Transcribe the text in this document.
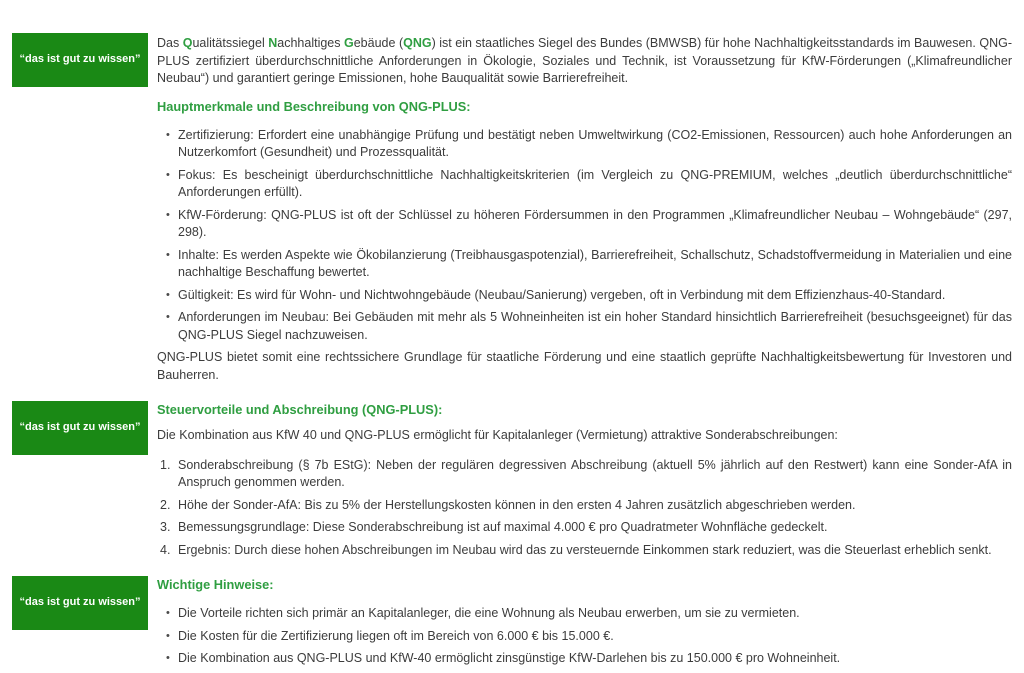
“das ist gut zu wissen”

Das Qualitätssiegel Nachhaltiges Gebäude (QNG) ist ein staatliches Siegel des Bundes (BMWSB) für hohe Nachhaltigkeitsstandards im Bauwesen. QNG-PLUS zertifiziert überdurchschnittliche Anforderungen in Ökologie, Soziales und Technik, ist Voraussetzung für KfW-Förderungen („Klimafreundlicher Neubau“) und garantiert geringe Emissionen, hohe Bauqualität sowie Barrierefreiheit.

Hauptmerkmale und Beschreibung von QNG-PLUS:
• Zertifizierung: Erfordert eine unabhängige Prüfung und bestätigt neben Umweltwirkung (CO2-Emissionen, Ressourcen) auch hohe Anforderungen an Nutzerkomfort (Gesundheit) und Prozessqualität.
• Fokus: Es bescheinigt überdurchschnittliche Nachhaltigkeitskriterien (im Vergleich zu QNG-PREMIUM, welches „deutlich überdurchschnittliche“ Anforderungen erfüllt).
• KfW-Förderung: QNG-PLUS ist oft der Schlüssel zu höheren Fördersummen in den Programmen „Klimafreundlicher Neubau – Wohngebäude“ (297, 298).
• Inhalte: Es werden Aspekte wie Ökobilanzierung (Treibhausgaspotenzial), Barrierefreiheit, Schallschutz, Schadstoffvermeidung in Materialien und eine nachhaltige Beschaffung bewertet.
• Gültigkeit: Es wird für Wohn- und Nichtwohngebäude (Neubau/Sanierung) vergeben, oft in Verbindung mit dem Effizienzhaus-40-Standard.
• Anforderungen im Neubau: Bei Gebäuden mit mehr als 5 Wohneinheiten ist ein hoher Standard hinsichtlich Barrierefreiheit (besuchsgeeignet) für das QNG-PLUS Siegel nachzuweisen.

QNG-PLUS bietet somit eine rechtssichere Grundlage für staatliche Förderung und eine staatlich geprüfte Nachhaltigkeitsbewertung für Investoren und Bauherren.

“das ist gut zu wissen”
Steuervorteile und Abschreibung (QNG-PLUS):

Die Kombination aus KfW 40 und QNG-PLUS ermöglicht für Kapitalanleger (Vermietung) attraktive Sonderabschreibungen:

Sonderabschreibung (§ 7b EStG): Neben der regulären degressiven Abschreibung (aktuell 5% jährlich auf den Restwert) kann eine Sonder-AfA in Anspruch genommen werden.
Höhe der Sonder-AfA: Bis zu 5% der Herstellungskosten können in den ersten 4 Jahren zusätzlich abgeschrieben werden.
Bemessungsgrundlage: Diese Sonderabschreibung ist auf maximal 4.000 € pro Quadratmeter Wohnfläche gedeckelt.
Ergebnis: Durch diese hohen Abschreibungen im Neubau wird das zu versteuernde Einkommen stark reduziert, was die Steuerlast erheblich senkt.
“das ist gut zu wissen”
Wichtige Hinweise:
• Die Vorteile richten sich primär an Kapitalanleger, die eine Wohnung als Neubau erwerben, um sie zu vermieten.
• Die Kosten für die Zertifizierung liegen oft im Bereich von 6.000 € bis 15.000 €.
• Die Kombination aus QNG-PLUS und KfW-40 ermöglicht zinsgünstige KfW-Darlehen bis zu 150.000 € pro Wohneinheit.
